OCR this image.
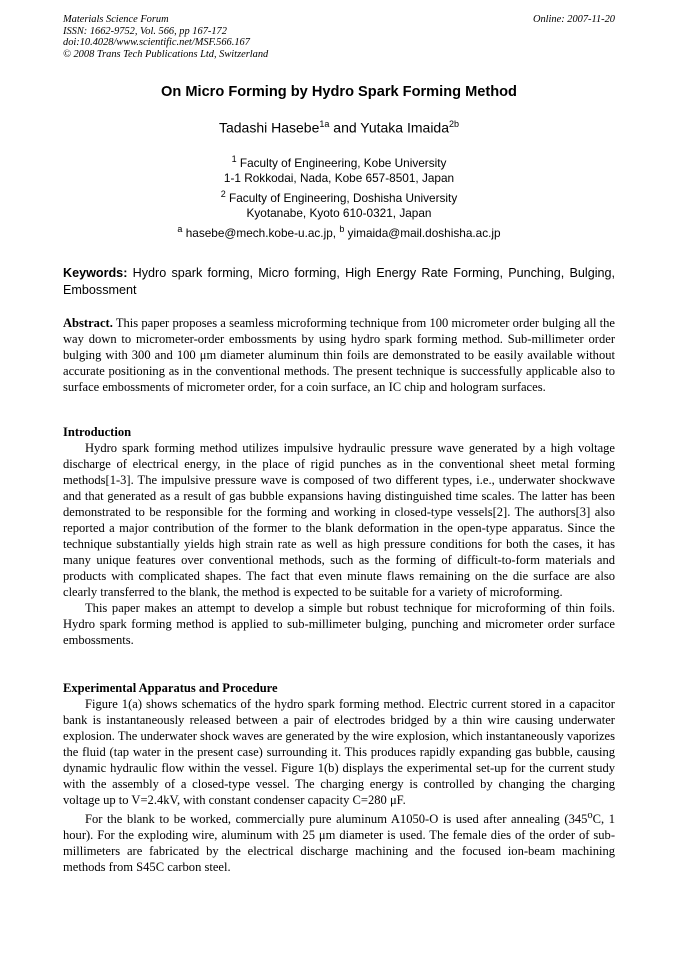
Materials Science Forum
ISSN: 1662-9752, Vol. 566, pp 167-172
doi:10.4028/www.scientific.net/MSF.566.167
© 2008 Trans Tech Publications Ltd, Switzerland
Online: 2007-11-20
On Micro Forming by Hydro Spark Forming Method
Tadashi Hasebe$^{1a}$ and Yutaka Imaida$^{2b}$
$^1$ Faculty of Engineering, Kobe University
1-1 Rokkodai, Nada, Kobe 657-8501, Japan
$^2$ Faculty of Engineering, Doshisha University
Kyotanabe, Kyoto 610-0321, Japan
$^a$ hasebe@mech.kobe-u.ac.jp, $^b$ yimaida@mail.doshisha.ac.jp
Keywords: Hydro spark forming, Micro forming, High Energy Rate Forming, Punching, Bulging, Embossment

Abstract. This paper proposes a seamless microforming technique from 100 micrometer order bulging all the way down to micrometer-order embossments by using hydro spark forming method. Sub-millimeter order bulging with 300 and 100 μm diameter aluminum thin foils are demonstrated to be easily available without accurate positioning as in the conventional methods. The present technique is successfully applicable also to surface embossments of micrometer order, for a coin surface, an IC chip and hologram surfaces.

Introduction

Hydro spark forming method utilizes impulsive hydraulic pressure wave generated by a high voltage discharge of electrical energy, in the place of rigid punches as in the conventional sheet metal forming methods[1-3]. The impulsive pressure wave is composed of two different types, i.e., underwater shockwave and that generated as a result of gas bubble expansions having distinguished time scales. The latter has been demonstrated to be responsible for the forming and working in closed-type vessels[2]. The authors[3] also reported a major contribution of the former to the blank deformation in the open-type apparatus. Since the technique substantially yields high strain rate as well as high pressure conditions for both the cases, it has many unique features over conventional methods, such as the forming of difficult-to-form materials and products with complicated shapes. The fact that even minute flaws remaining on the die surface are also clearly transferred to the blank, the method is expected to be suitable for a variety of microforming.

This paper makes an attempt to develop a simple but robust technique for microforming of thin foils. Hydro spark forming method is applied to sub-millimeter bulging, punching and micrometer order surface embossments.

Experimental Apparatus and Procedure

Figure 1(a) shows schematics of the hydro spark forming method. Electric current stored in a capacitor bank is instantaneously released between a pair of electrodes bridged by a thin wire causing underwater explosion. The underwater shock waves are generated by the wire explosion, which instantaneously vaporizes the fluid (tap water in the present case) surrounding it. This produces rapidly expanding gas bubble, causing dynamic hydraulic flow within the vessel. Figure 1(b) displays the experimental set-up for the current study with the assembly of a closed-type vessel. The charging energy is controlled by changing the charging voltage up to V=2.4kV, with constant condenser capacity C=280 μF.

For the blank to be worked, commercially pure aluminum A1050-O is used after annealing (345$^o$C, 1 hour). For the exploding wire, aluminum with 25 μm diameter is used. The female dies of the order of sub-millimeters are fabricated by the electrical discharge machining and the focused ion-beam machining methods from S45C carbon steel.
